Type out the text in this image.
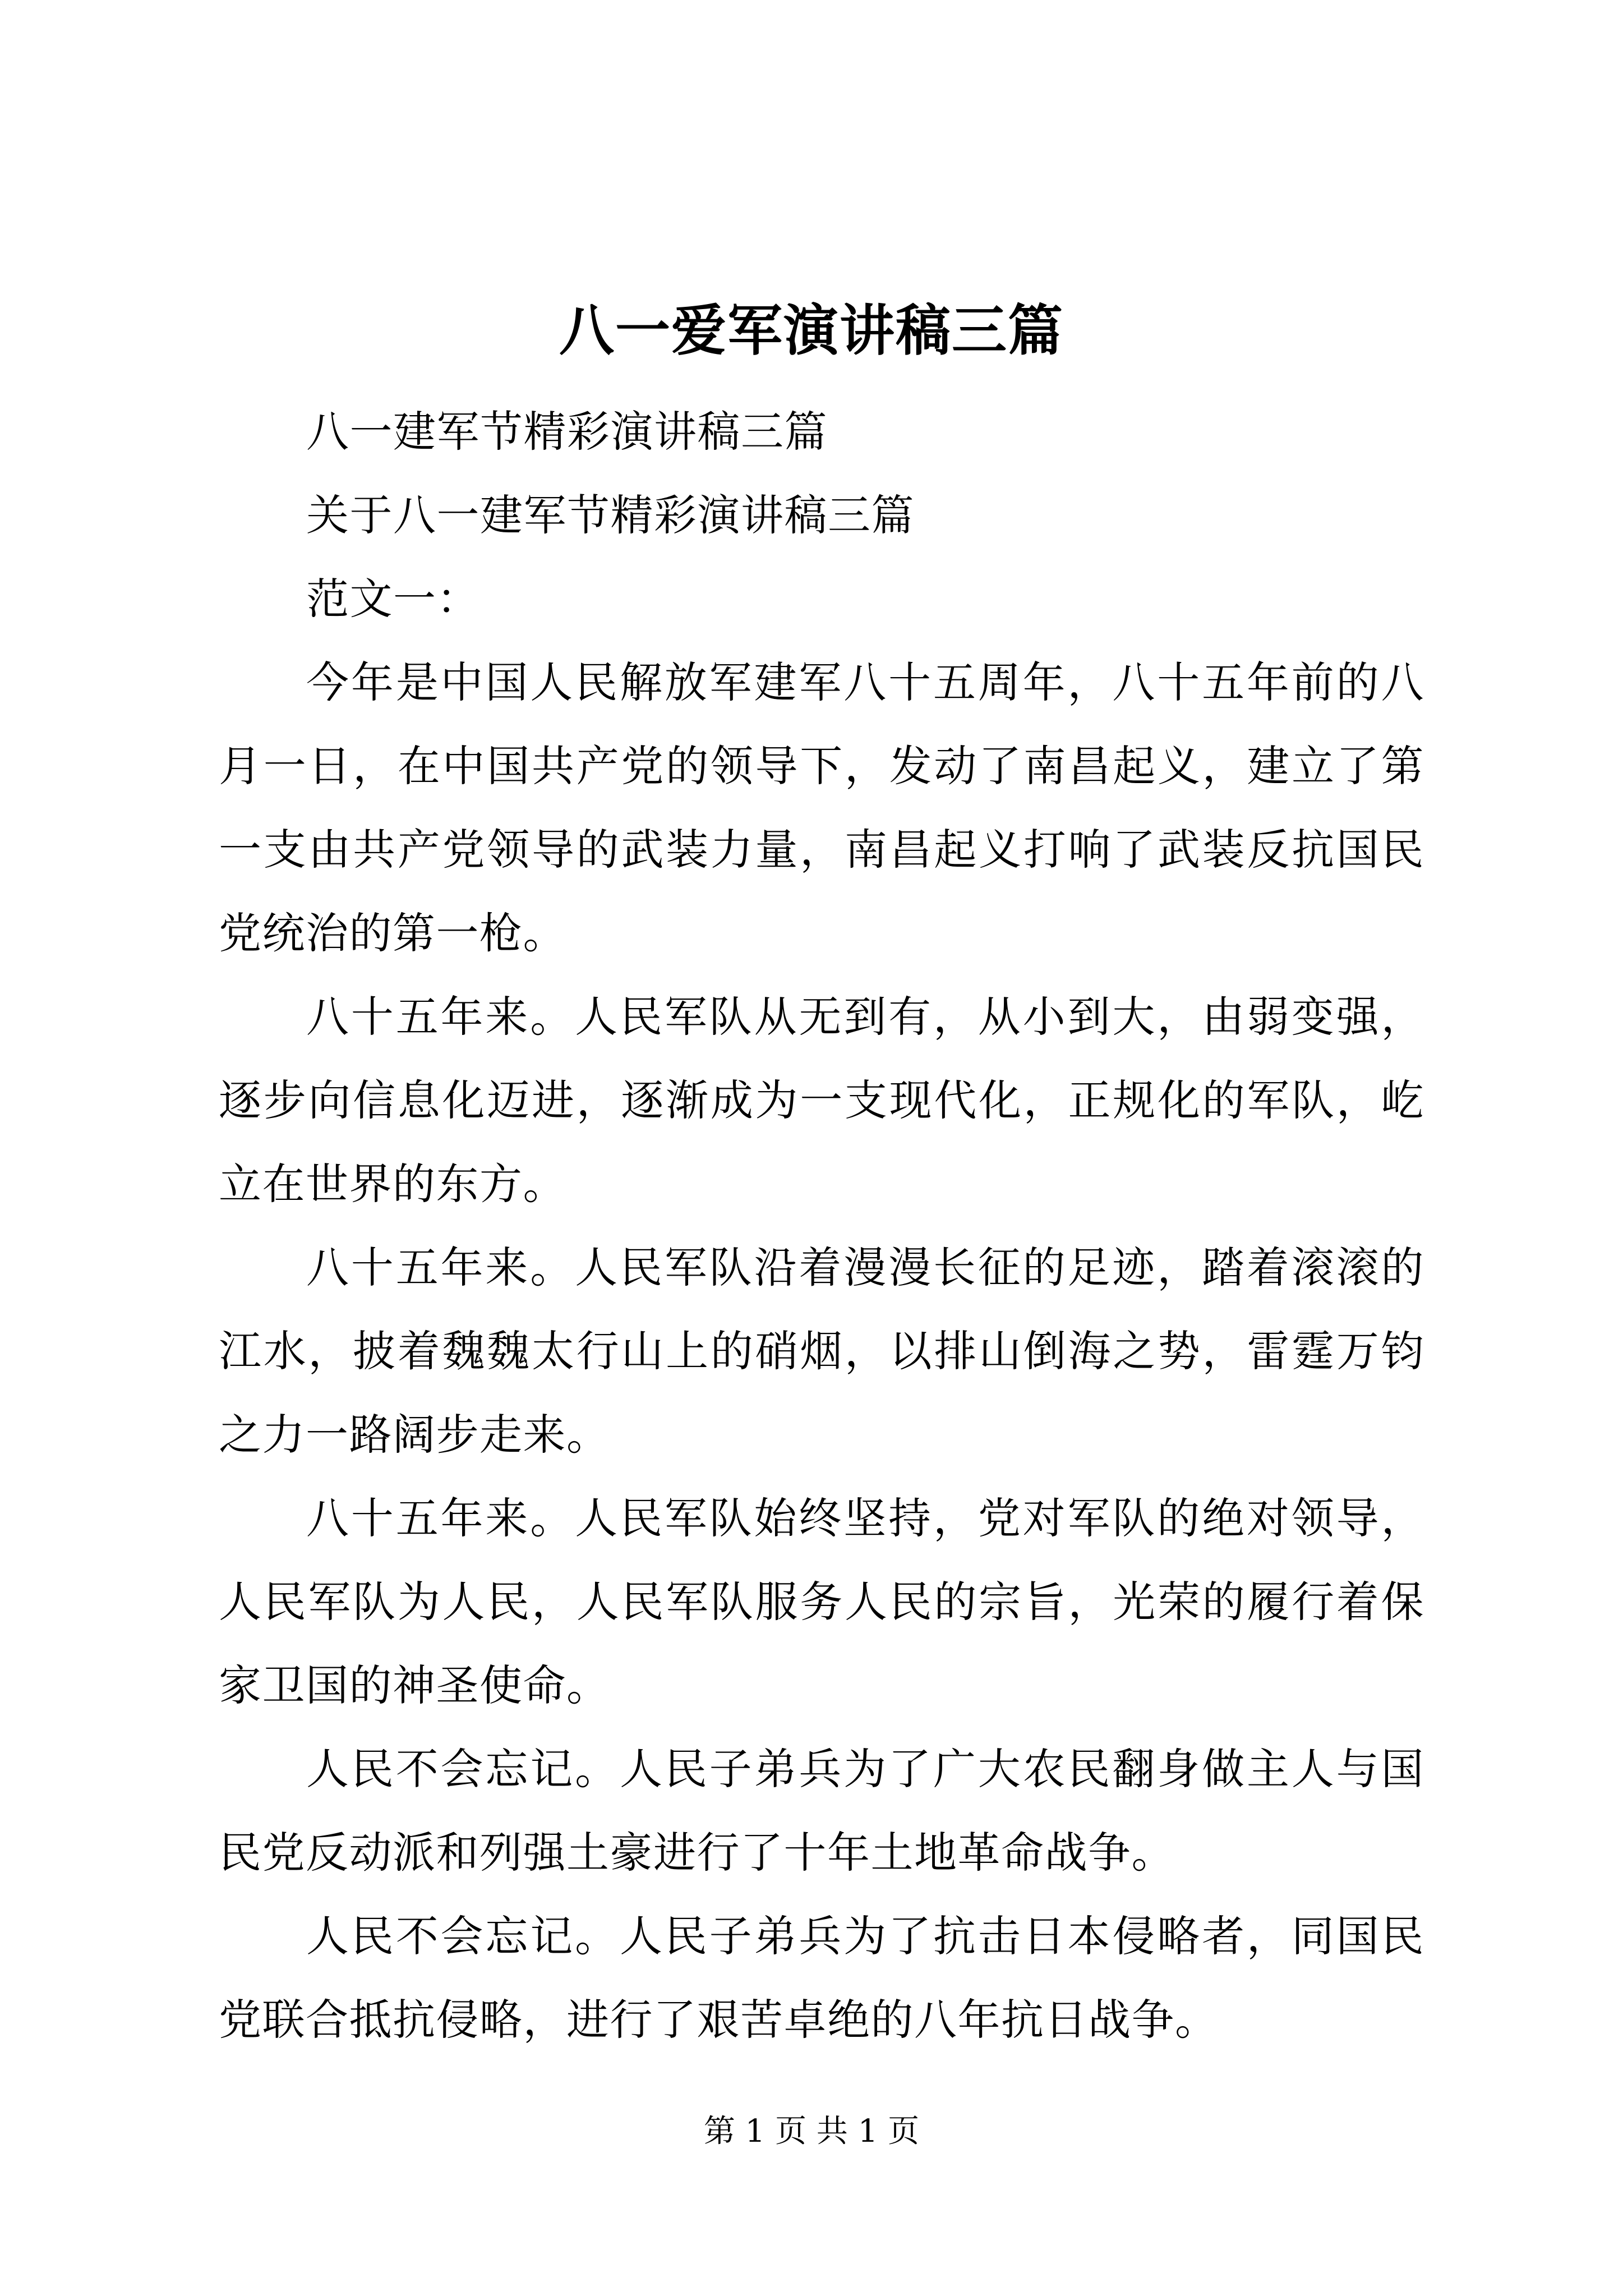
八一爱军演讲稿三篇

八一建军节精彩演讲稿三篇

关于八一建军节精彩演讲稿三篇

范文一：

今年是中国人民解放军建军八十五周年，八十五年前的八月一日，在中国共产党的领导下，发动了南昌起义，建立了第一支由共产党领导的武装力量，南昌起义打响了武装反抗国民党统治的第一枪。

八十五年来。人民军队从无到有，从小到大，由弱变强，逐步向信息化迈进，逐渐成为一支现代化，正规化的军队，屹立在世界的东方。

八十五年来。人民军队沿着漫漫长征的足迹，踏着滚滚的江水，披着魏魏太行山上的硝烟，以排山倒海之势，雷霆万钧之力一路阔步走来。

八十五年来。人民军队始终坚持，党对军队的绝对领导，人民军队为人民，人民军队服务人民的宗旨，光荣的履行着保家卫国的神圣使命。

人民不会忘记。人民子弟兵为了广大农民翻身做主人与国民党反动派和列强土豪进行了十年土地革命战争。

人民不会忘记。人民子弟兵为了抗击日本侵略者，同国民党联合抵抗侵略，进行了艰苦卓绝的八年抗日战争。

第 1 页 共 1 页
